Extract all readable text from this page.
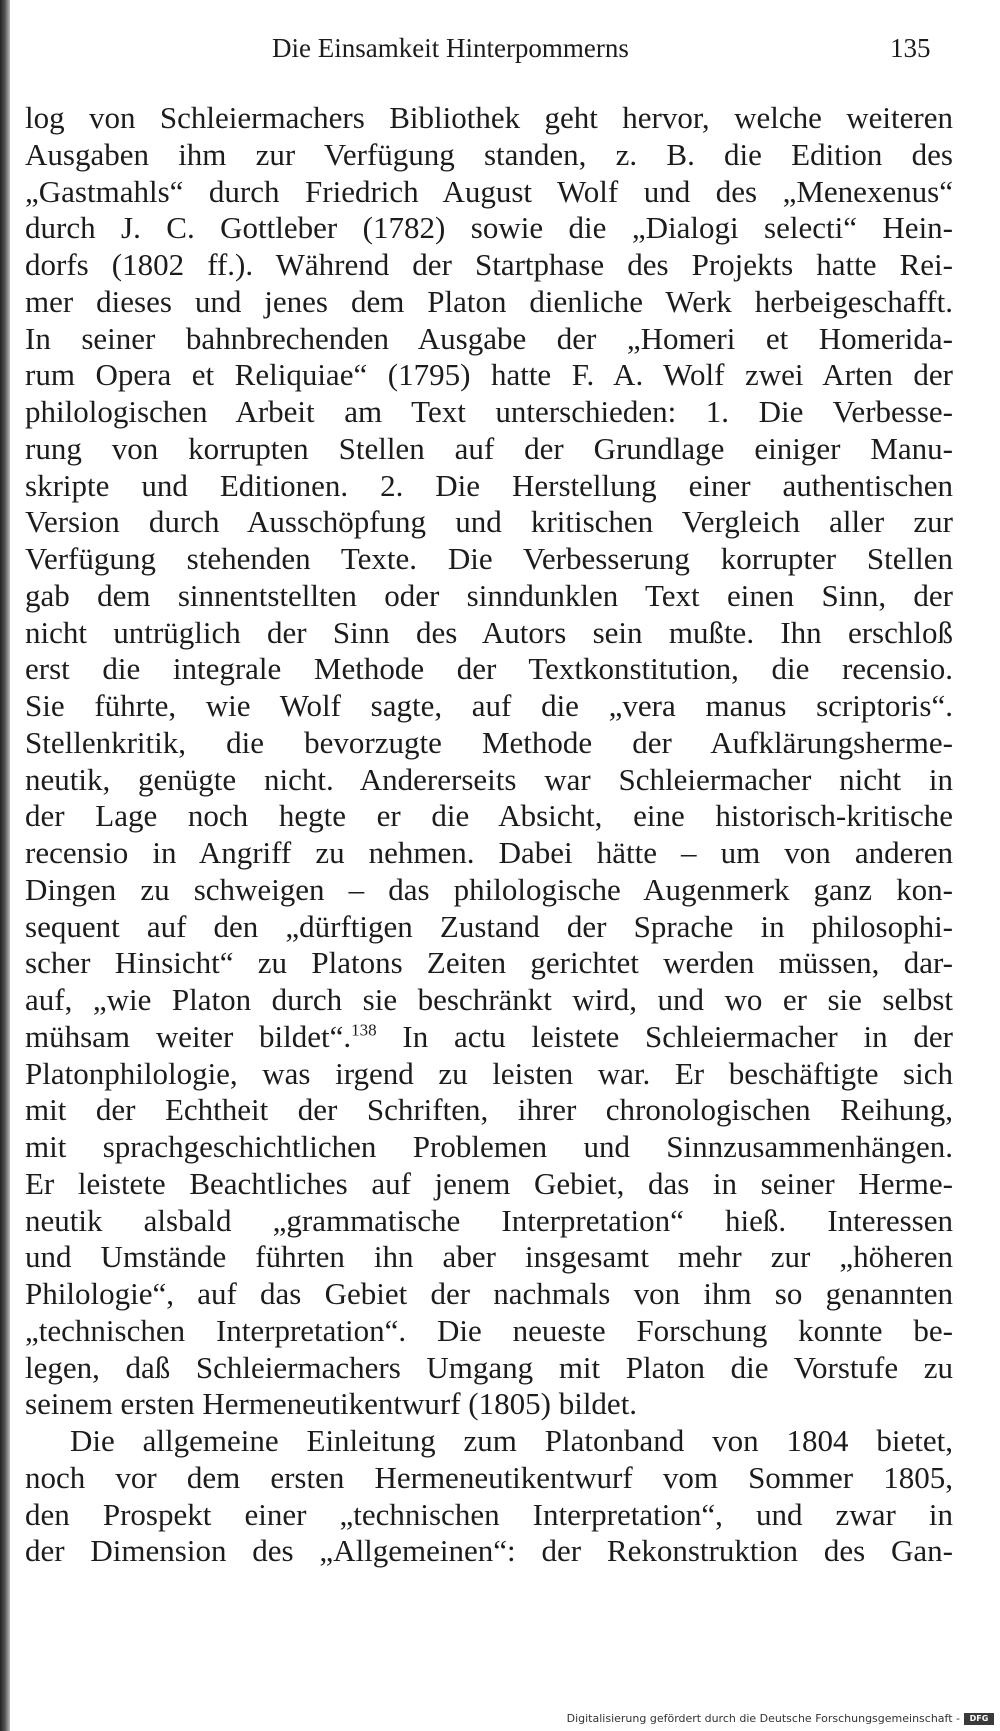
Die Einsamkeit Hinterpommerns	135
log von Schleiermachers Bibliothek geht hervor, welche weiteren
Ausgaben ihm zur Verfügung standen, z. B. die Edition des
„Gastmahls“ durch Friedrich August Wolf und des „Menexenus“
durch J. C. Gottleber (1782) sowie die „Dialogi selecti“ Hein-
dorfs (1802 ff.). Während der Startphase des Projekts hatte Rei-
mer dieses und jenes dem Platon dienliche Werk herbeigeschafft.
In seiner bahnbrechenden Ausgabe der „Homeri et Homerida-
rum Opera et Reliquiae“ (1795) hatte F. A. Wolf zwei Arten der
philologischen Arbeit am Text unterschieden: 1. Die Verbesse-
rung von korrupten Stellen auf der Grundlage einiger Manu-
skripte und Editionen. 2. Die Herstellung einer authentischen
Version durch Ausschöpfung und kritischen Vergleich aller zur
Verfügung stehenden Texte. Die Verbesserung korrupter Stellen
gab dem sinnentstellten oder sinndunklen Text einen Sinn, der
nicht untrüglich der Sinn des Autors sein mußte. Ihn erschloß
erst die integrale Methode der Textkonstitution, die recensio.
Sie führte, wie Wolf sagte, auf die „vera manus scriptoris“.
Stellenkritik, die bevorzugte Methode der Aufklärungsherme-
neutik, genügte nicht. Andererseits war Schleiermacher nicht in
der Lage noch hegte er die Absicht, eine historisch-kritische
recensio in Angriff zu nehmen. Dabei hätte – um von anderen
Dingen zu schweigen – das philologische Augenmerk ganz kon-
sequent auf den „dürftigen Zustand der Sprache in philosophi-
scher Hinsicht“ zu Platons Zeiten gerichtet werden müssen, dar-
auf, „wie Platon durch sie beschränkt wird, und wo er sie selbst
mühsam weiter bildet“.$^{138}$ In actu leistete Schleiermacher in der
Platonphilologie, was irgend zu leisten war. Er beschäftigte sich
mit der Echtheit der Schriften, ihrer chronologischen Reihung,
mit sprachgeschichtlichen Problemen und Sinnzusammenhängen.
Er leistete Beachtliches auf jenem Gebiet, das in seiner Herme-
neutik alsbald „grammatische Interpretation“ hieß. Interessen
und Umstände führten ihn aber insgesamt mehr zur „höheren
Philologie“, auf das Gebiet der nachmals von ihm so genannten
„technischen Interpretation“. Die neueste Forschung konnte be-
legen, daß Schleiermachers Umgang mit Platon die Vorstufe zu
seinem ersten Hermeneutikentwurf (1805) bildet.
Die allgemeine Einleitung zum Platonband von 1804 bietet,
noch vor dem ersten Hermeneutikentwurf vom Sommer 1805,
den Prospekt einer „technischen Interpretation“, und zwar in
der Dimension des „Allgemeinen“: der Rekonstruktion des Gan-
Digitalisierung gefördert durch die Deutsche Forschungsgemeinschaft -	DFG
